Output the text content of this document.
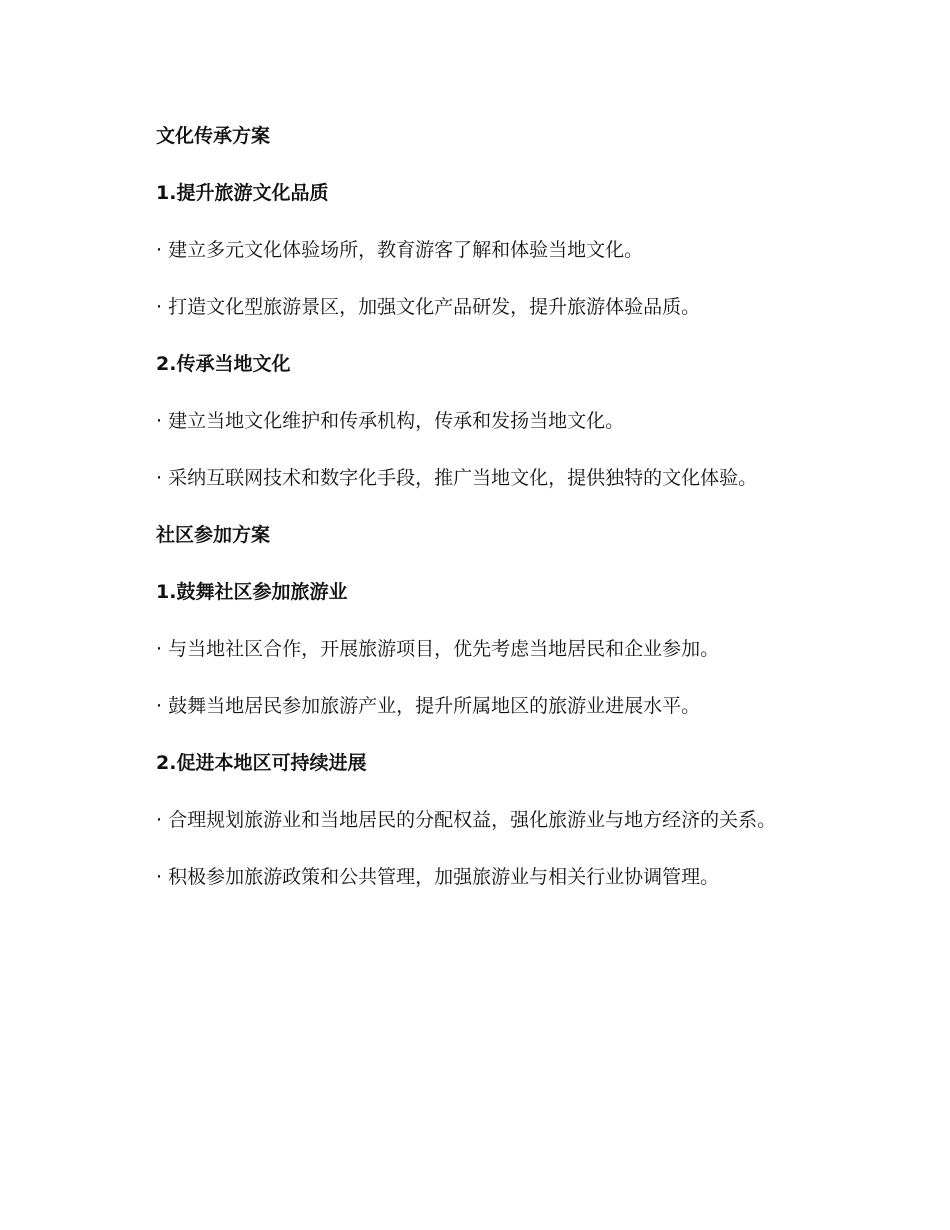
文化传承方案

1.提升旅游文化品质

· 建立多元文化体验场所，教育游客了解和体验当地文化。

· 打造文化型旅游景区，加强文化产品研发，提升旅游体验品质。

2.传承当地文化

· 建立当地文化维护和传承机构，传承和发扬当地文化。

· 采纳互联网技术和数字化手段，推广当地文化，提供独特的文化体验。

社区参加方案

1.鼓舞社区参加旅游业

· 与当地社区合作，开展旅游项目，优先考虑当地居民和企业参加。

· 鼓舞当地居民参加旅游产业，提升所属地区的旅游业进展水平。

2.促进本地区可持续进展

· 合理规划旅游业和当地居民的分配权益，强化旅游业与地方经济的关系。

· 积极参加旅游政策和公共管理，加强旅游业与相关行业协调管理。
